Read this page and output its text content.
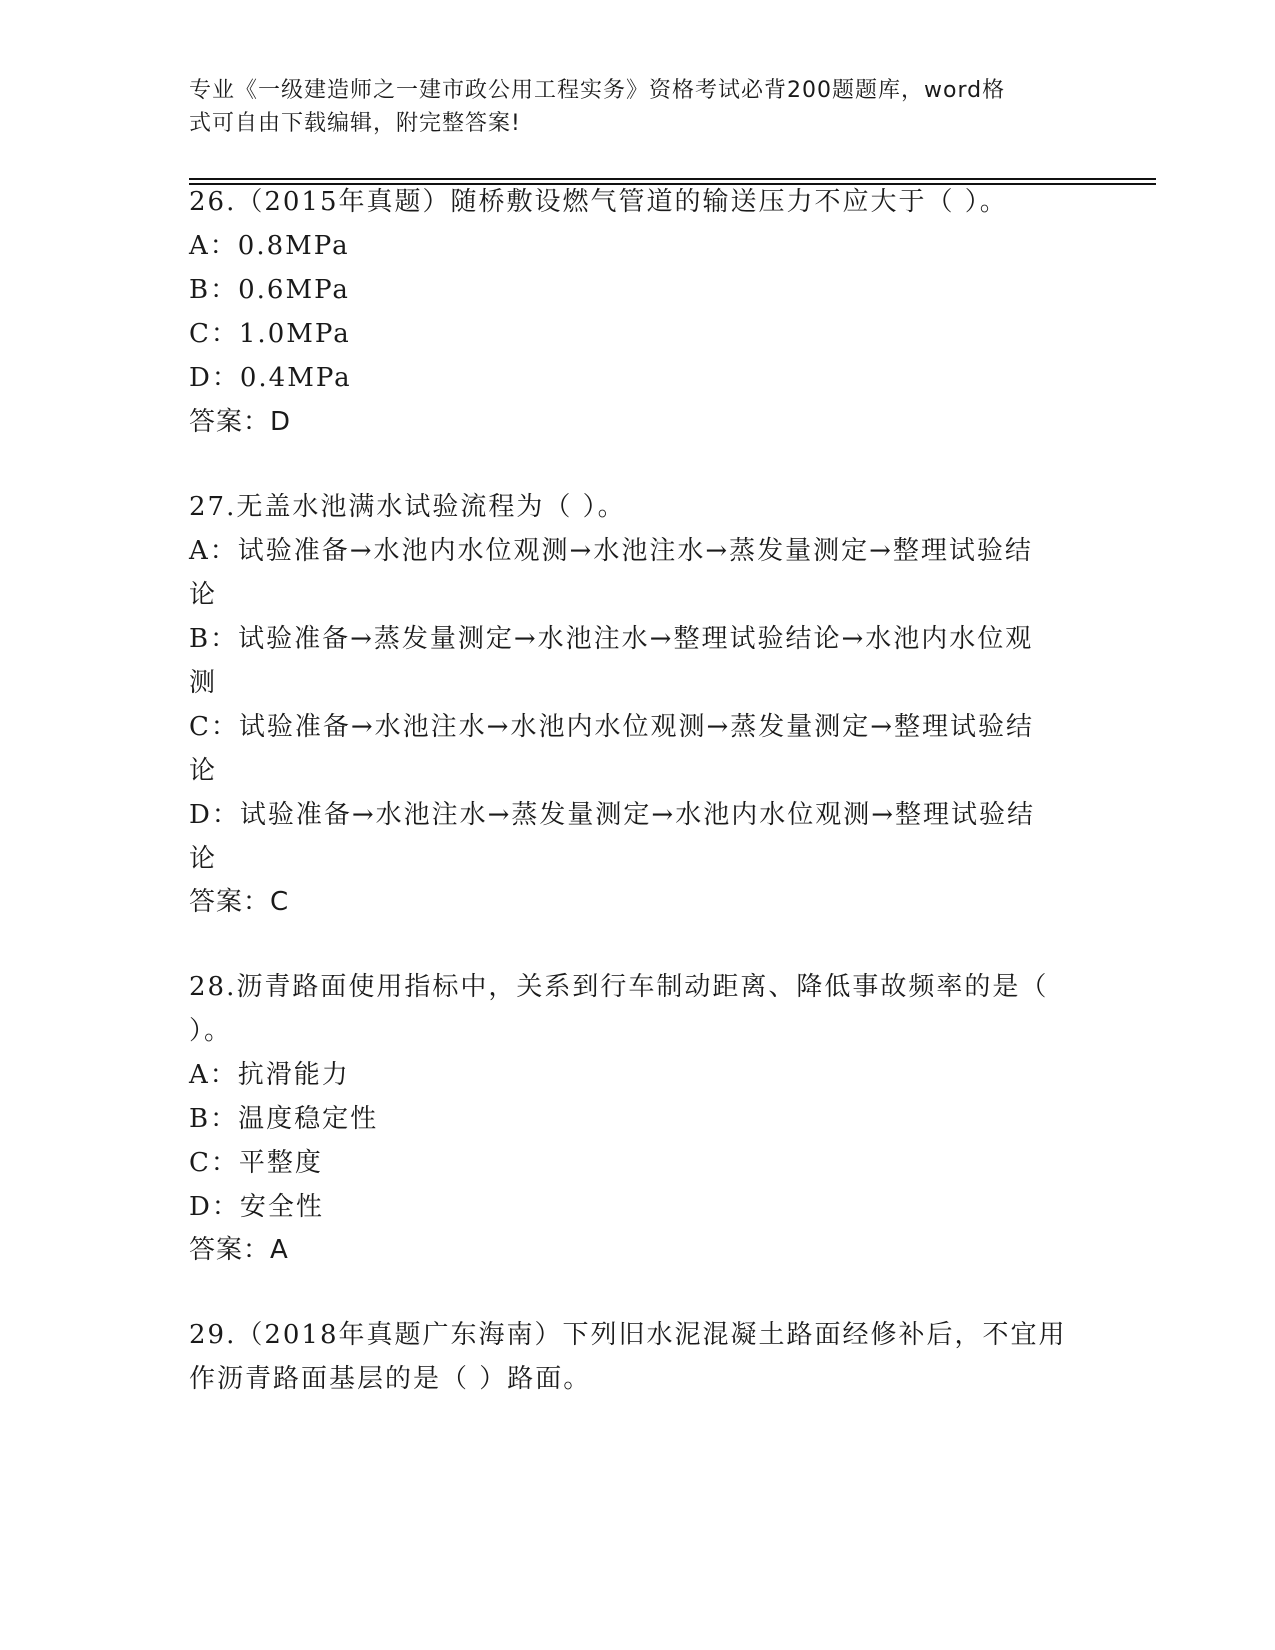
专业《一级建造师之一建市政公用工程实务》资格考试必背200题题库，word格
式可自由下载编辑，附完整答案!
26.（2015年真题）随桥敷设燃气管道的输送压力不应大于（ ）。
A：0.8MPa
B：0.6MPa
C：1.0MPa
D：0.4MPa
答案：D
27.无盖水池满水试验流程为（ ）。
A：试验准备→水池内水位观测→水池注水→蒸发量测定→整理试验结
论
B：试验准备→蒸发量测定→水池注水→整理试验结论→水池内水位观
测
C：试验准备→水池注水→水池内水位观测→蒸发量测定→整理试验结
论
D：试验准备→水池注水→蒸发量测定→水池内水位观测→整理试验结
论
答案：C
28.沥青路面使用指标中，关系到行车制动距离、降低事故频率的是（
）。
A：抗滑能力
B：温度稳定性
C：平整度
D：安全性
答案：A
29.（2018年真题广东海南）下列旧水泥混凝土路面经修补后，不宜用
作沥青路面基层的是（ ）路面。
